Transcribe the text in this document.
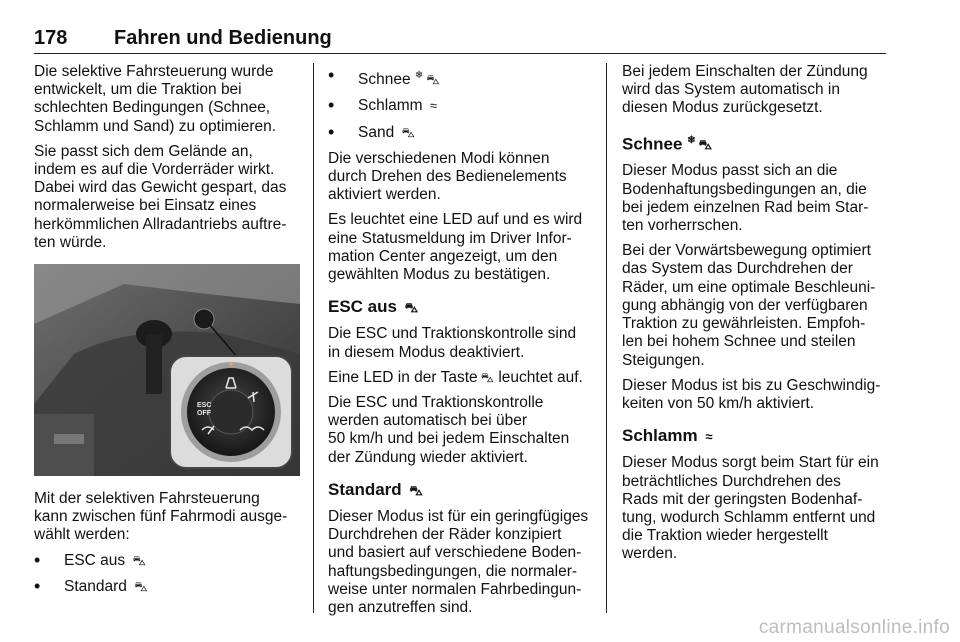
178 Fahren und Bedienung
Die selektive Fahrsteuerung wurde
entwickelt, um die Traktion bei
schlechten Bedingungen (Schnee,
Schlamm und Sand) zu optimieren.
Sie passt sich dem Gelände an,
indem es auf die Vorderräder wirkt.
Dabei wird das Gewicht gespart, das
normalerweise bei Einsatz eines
herkömmlichen Allradantriebs auftre-
ten würde.
ESC
OFF
Mit der selektiven Fahrsteuerung
kann zwischen fünf Fahrmodi ausge-
wählt werden:
• ESC aus ⛍
• Standard ⛍
• Schnee ❄ ⛍
• Schlamm ≈
• Sand ⛍
Die verschiedenen Modi können
durch Drehen des Bedienelements
aktiviert werden.
Es leuchtet eine LED auf und es wird
eine Statusmeldung im Driver Infor-
mation Center angezeigt, um den
gewählten Modus zu bestätigen.
ESC aus ⛍
Die ESC und Traktionskontrolle sind
in diesem Modus deaktiviert.
Eine LED in der Taste ⛍ leuchtet auf.
Die ESC und Traktionskontrolle
werden automatisch bei über
50 km/h und bei jedem Einschalten
der Zündung wieder aktiviert.
Standard ⛍
Dieser Modus ist für ein geringfügiges
Durchdrehen der Räder konzipiert
und basiert auf verschiedene Boden-
haftungsbedingungen, die normaler-
weise unter normalen Fahrbedingun-
gen anzutreffen sind.
Bei jedem Einschalten der Zündung
wird das System automatisch in
diesen Modus zurückgesetzt.
Schnee ❄ ⛍
Dieser Modus passt sich an die
Bodenhaftungsbedingungen an, die
bei jedem einzelnen Rad beim Star-
ten vorherrschen.
Bei der Vorwärtsbewegung optimiert
das System das Durchdrehen der
Räder, um eine optimale Beschleuni-
gung abhängig von der verfügbaren
Traktion zu gewährleisten. Empfoh-
len bei hohem Schnee und steilen
Steigungen.
Dieser Modus ist bis zu Geschwindig-
keiten von 50 km/h aktiviert.
Schlamm ≈
Dieser Modus sorgt beim Start für ein
beträchtliches Durchdrehen des
Rads mit der geringsten Bodenhaf-
tung, wodurch Schlamm entfernt und
die Traktion wieder hergestellt
werden.
carmanualsonline.info
